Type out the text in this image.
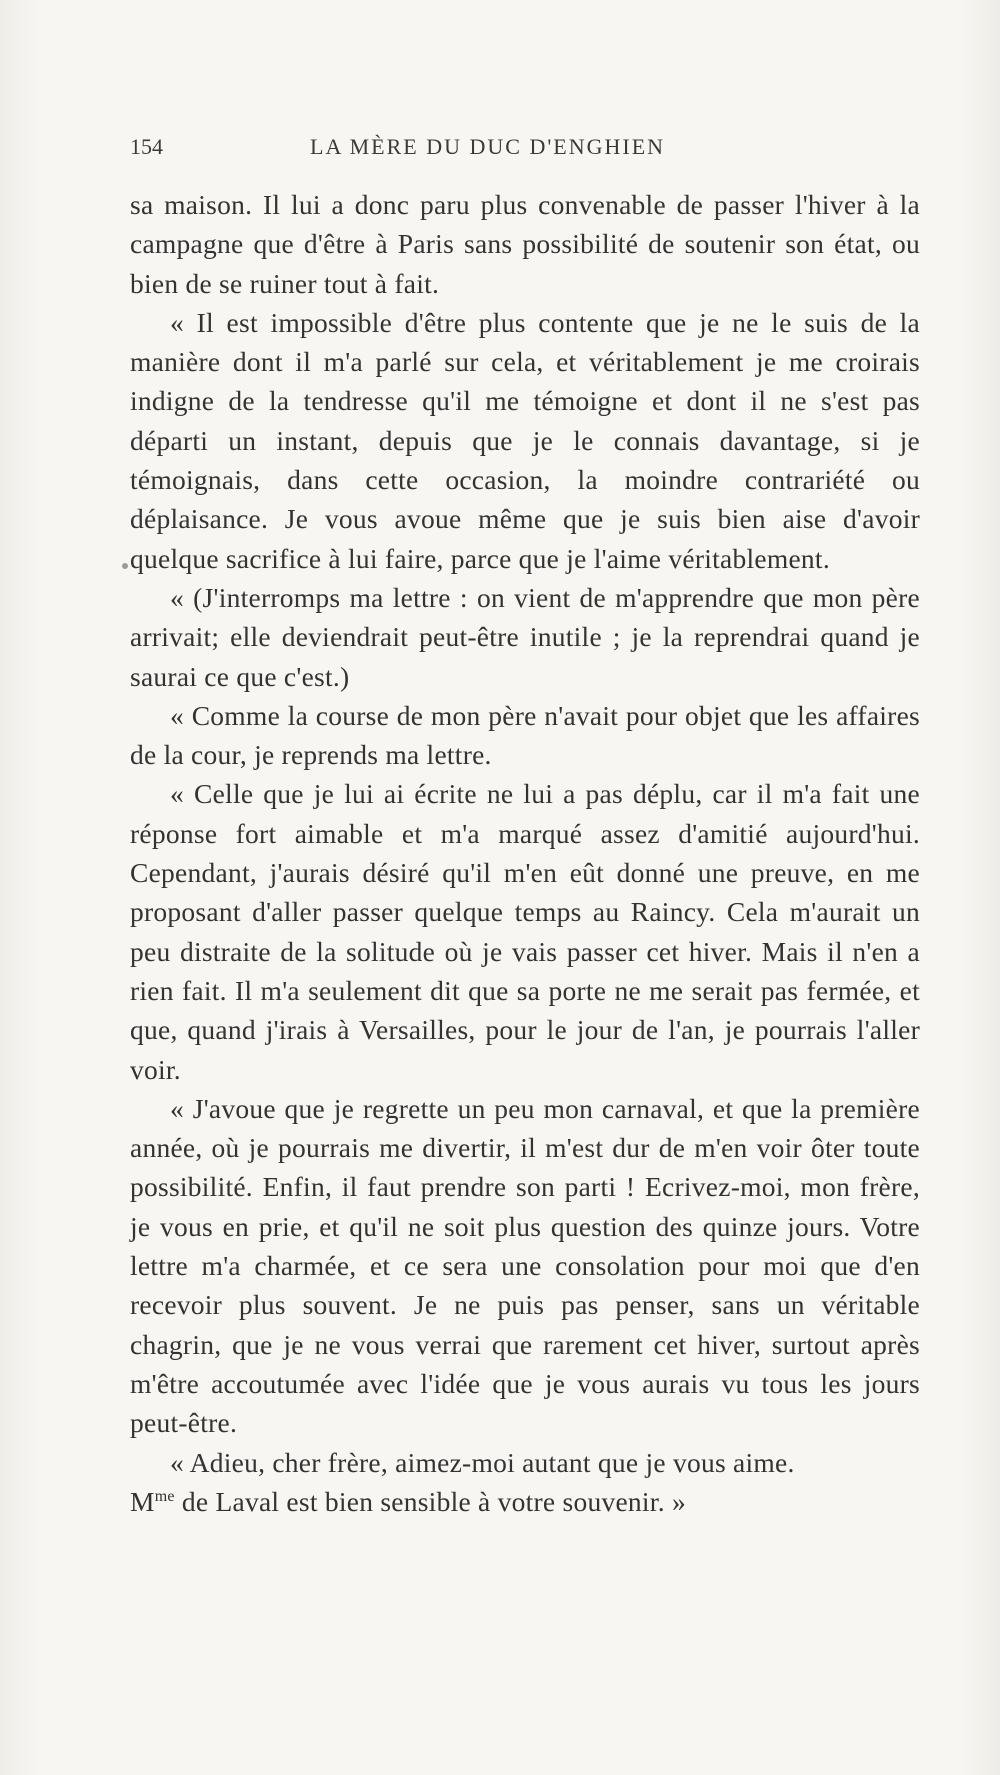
154	LA MÈRE DU DUC D'ENGHIEN

sa maison. Il lui a donc paru plus convenable de passer l'hiver à la campagne que d'être à Paris sans possibilité de soutenir son état, ou bien de se ruiner tout à fait.

« Il est impossible d'être plus contente que je ne le suis de la manière dont il m'a parlé sur cela, et véritablement je me croirais indigne de la tendresse qu'il me témoigne et dont il ne s'est pas départi un instant, depuis que je le connais davantage, si je témoignais, dans cette occasion, la moindre contrariété ou déplaisance. Je vous avoue même que je suis bien aise d'avoir quelque sacrifice à lui faire, parce que je l'aime véritablement.

« (J'interromps ma lettre : on vient de m'apprendre que mon père arrivait; elle deviendrait peut-être inutile ; je la reprendrai quand je saurai ce que c'est.)

« Comme la course de mon père n'avait pour objet que les affaires de la cour, je reprends ma lettre.

« Celle que je lui ai écrite ne lui a pas déplu, car il m'a fait une réponse fort aimable et m'a marqué assez d'amitié aujourd'hui. Cependant, j'aurais désiré qu'il m'en eût donné une preuve, en me proposant d'aller passer quelque temps au Raincy. Cela m'aurait un peu distraite de la solitude où je vais passer cet hiver. Mais il n'en a rien fait. Il m'a seulement dit que sa porte ne me serait pas fermée, et que, quand j'irais à Versailles, pour le jour de l'an, je pourrais l'aller voir.

« J'avoue que je regrette un peu mon carnaval, et que la première année, où je pourrais me divertir, il m'est dur de m'en voir ôter toute possibilité. Enfin, il faut prendre son parti ! Ecrivez-moi, mon frère, je vous en prie, et qu'il ne soit plus question des quinze jours. Votre lettre m'a charmée, et ce sera une consolation pour moi que d'en recevoir plus souvent. Je ne puis pas penser, sans un véritable chagrin, que je ne vous verrai que rarement cet hiver, surtout après m'être accoutumée avec l'idée que je vous aurais vu tous les jours peut-être.

« Adieu, cher frère, aimez-moi autant que je vous aime.

$M^{me}$ de Laval est bien sensible à votre souvenir. »
